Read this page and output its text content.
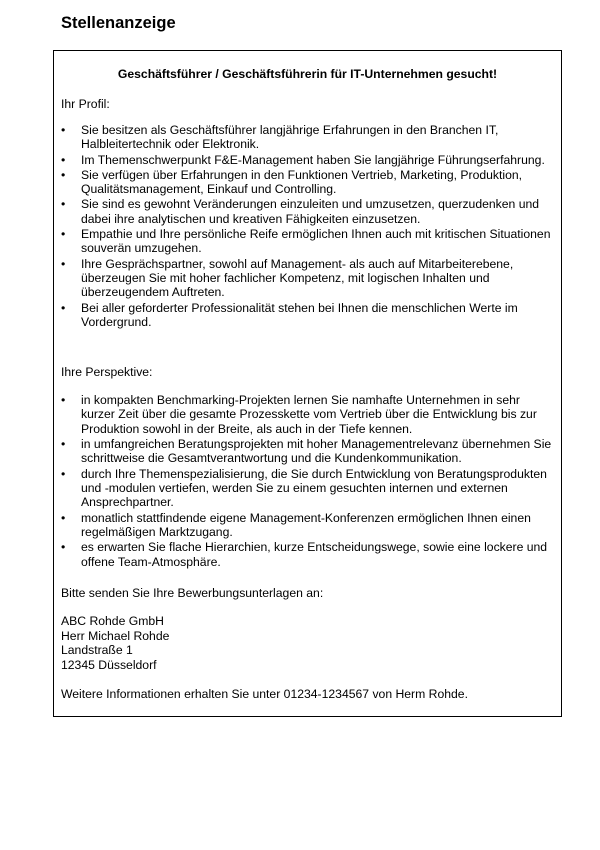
Stellenanzeige

Geschäftsführer / Geschäftsführerin für IT-Unternehmen gesucht!

Ihr Profil:

• Sie besitzen als Geschäftsführer langjährige Erfahrungen in den Branchen IT, Halbleitertechnik oder Elektronik.
• Im Themenschwerpunkt F&E-Management haben Sie langjährige Führungserfahrung.
• Sie verfügen über Erfahrungen in den Funktionen Vertrieb, Marketing, Produktion, Qualitätsmanagement, Einkauf und Controlling.
• Sie sind es gewohnt Veränderungen einzuleiten und umzusetzen, querzudenken und dabei ihre analytischen und kreativen Fähigkeiten einzusetzen.
• Empathie und Ihre persönliche Reife ermöglichen Ihnen auch mit kritischen Situationen souverän umzugehen.
• Ihre Gesprächspartner, sowohl auf Management- als auch auf Mitarbeiterebene, überzeugen Sie mit hoher fachlicher Kompetenz, mit logischen Inhalten und überzeugendem Auftreten.
• Bei aller geforderter Professionalität stehen bei Ihnen die menschlichen Werte im Vordergrund.

Ihre Perspektive:

• in kompakten Benchmarking-Projekten lernen Sie namhafte Unternehmen in sehr kurzer Zeit über die gesamte Prozesskette vom Vertrieb über die Entwicklung bis zur Produktion sowohl in der Breite, als auch in der Tiefe kennen.
• in umfangreichen Beratungsprojekten mit hoher Managementrelevanz übernehmen Sie schrittweise die Gesamtverantwortung und die Kundenkommunikation.
• durch Ihre Themenspezialisierung, die Sie durch Entwicklung von Beratungsprodukten und -modulen vertiefen, werden Sie zu einem gesuchten internen und externen Ansprechpartner.
• monatlich stattfindende eigene Management-Konferenzen ermöglichen Ihnen einen regelmäßigen Marktzugang.
• es erwarten Sie flache Hierarchien, kurze Entscheidungswege, sowie eine lockere und offene Team-Atmosphäre.

Bitte senden Sie Ihre Bewerbungsunterlagen an:

ABC Rohde GmbH

Herr Michael Rohde

Landstraße 1

12345 Düsseldorf

Weitere Informationen erhalten Sie unter 01234-1234567 von Herm Rohde.
